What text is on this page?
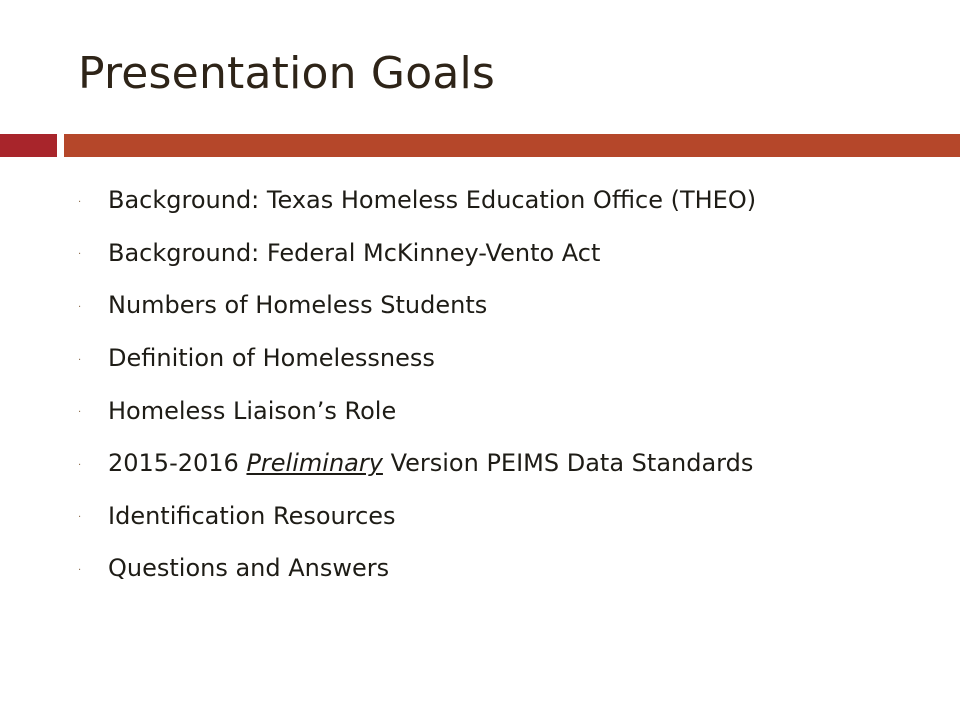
Presentation Goals
·	Background: Texas Homeless Education Office (THEO)
·	Background: Federal McKinney-Vento Act
·	Numbers of Homeless Students
·	Definition of Homelessness
·	Homeless Liaison’s Role
·	2015-2016 Preliminary Version PEIMS Data Standards
·	Identification Resources
·	Questions and Answers
